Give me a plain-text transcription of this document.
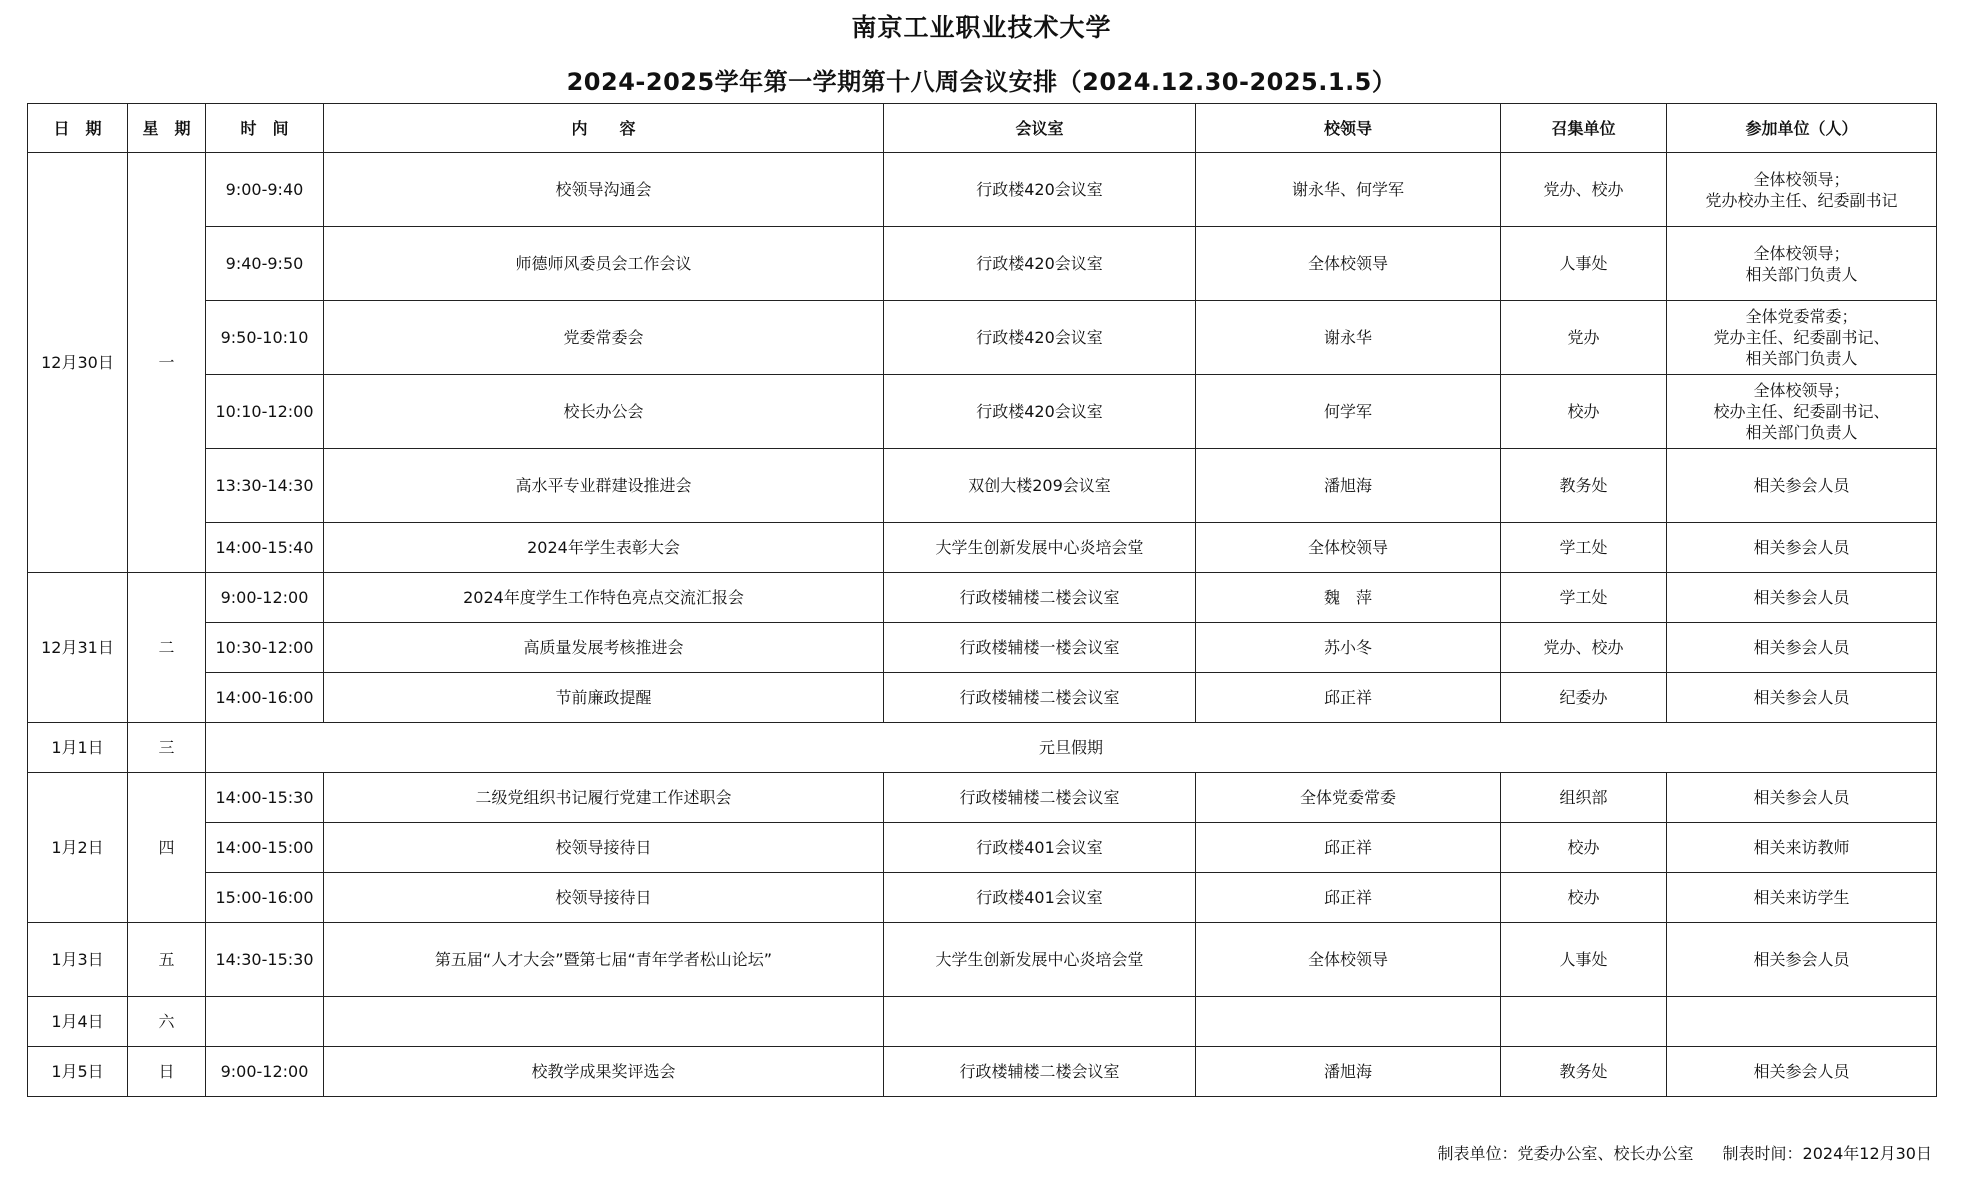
南京工业职业技术大学
2024-2025学年第一学期第十八周会议安排（2024.12.30-2025.1.5）
日　期	星　期	时　间	内　　容	会议室	校领导	召集单位	参加单位（人）
12月30日	一	9:00-9:40	校领导沟通会	行政楼420会议室	谢永华、何学军	党办、校办	全体校领导；
党办校办主任、纪委副书记

		9:40-9:50	师德师风委员会工作会议	行政楼420会议室	全体校领导	人事处	全体校领导；
相关部门负责人

		9:50-10:10	党委常委会	行政楼420会议室	谢永华	党办	全体党委常委；
党办主任、纪委副书记、
相关部门负责人

		10:10-12:00	校长办公会	行政楼420会议室	何学军	校办	全体校领导；
校办主任、纪委副书记、
相关部门负责人

		13:30-14:30	高水平专业群建设推进会	双创大楼209会议室	潘旭海	教务处	相关参会人员

		14:00-15:40	2024年学生表彰大会	大学生创新发展中心炎培会堂	全体校领导	学工处	相关参会人员

12月31日	二	9:00-12:00	2024年度学生工作特色亮点交流汇报会	行政楼辅楼二楼会议室	魏　萍	学工处	相关参会人员

		10:30-12:00	高质量发展考核推进会	行政楼辅楼一楼会议室	苏小冬	党办、校办	相关参会人员

		14:00-16:00	节前廉政提醒	行政楼辅楼二楼会议室	邱正祥	纪委办	相关参会人员

1月1日	三	元旦假期					
1月2日	四	14:00-15:30	二级党组织书记履行党建工作述职会	行政楼辅楼二楼会议室	全体党委常委	组织部	相关参会人员

		14:00-15:00	校领导接待日	行政楼401会议室	邱正祥	校办	相关来访教师

		15:00-16:00	校领导接待日	行政楼401会议室	邱正祥	校办	相关来访学生

1月3日	五	14:30-15:30	第五届“人才大会”暨第七届“青年学者松山论坛”	大学生创新发展中心炎培会堂	全体校领导	人事处	相关参会人员

1月4日	六						

1月5日	日	9:00-12:00	校教学成果奖评选会	行政楼辅楼二楼会议室	潘旭海	教务处	相关参会人员
制表单位：党委办公室、校长办公室 制表时间：2024年12月30日
